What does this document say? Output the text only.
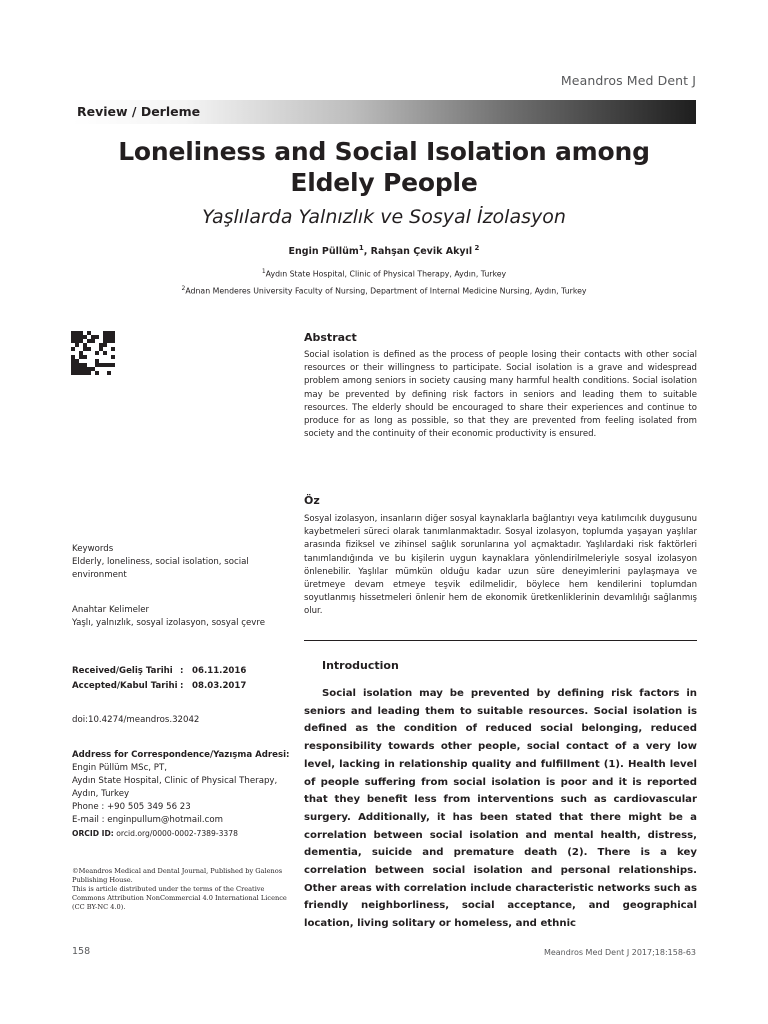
Meandros Med Dent J
Review / Derleme
Loneliness and Social Isolation among
Eldely People
Yaşlılarda Yalnızlık ve Sosyal İzolasyon
Engin Püllüm$^1$, Rahşan Çevik Akyıl $^2$
$^1$Aydın State Hospital, Clinic of Physical Therapy, Aydın, Turkey
$^2$Adnan Menderes University Faculty of Nursing, Department of Internal Medicine Nursing, Aydın, Turkey
Abstract
Social isolation is defined as the process of people losing their contacts with other social resources or their willingness to participate. Social isolation is a grave and widespread problem among seniors in society causing many harmful health conditions. Social isolation may be prevented by defining risk factors in seniors and leading them to suitable resources. The elderly should be encouraged to share their experiences and continue to produce for as long as possible, so that they are prevented from feeling isolated from society and the continuity of their economic productivity is ensured.
Öz
Sosyal izolasyon, insanların diğer sosyal kaynaklarla bağlantıyı veya katılımcılık duygusunu kaybetmeleri süreci olarak tanımlanmaktadır. Sosyal izolasyon, toplumda yaşayan yaşlılar arasında fiziksel ve zihinsel sağlık sorunlarına yol açmaktadır. Yaşlılardaki risk faktörleri tanımlandığında ve bu kişilerin uygun kaynaklara yönlendirilmeleriyle sosyal izolasyon önlenebilir. Yaşlılar mümkün olduğu kadar uzun süre deneyimlerini paylaşmaya ve üretmeye devam etmeye teşvik edilmelidir, böylece hem kendilerini toplumdan soyutlanmış hissetmeleri önlenir hem de ekonomik üretkenliklerinin devamlılığı sağlanmış olur.
Keywords
Elderly, loneliness, social isolation, social environment
Anahtar Kelimeler
Yaşlı, yalnızlık, sosyal izolasyon, sosyal çevre
Received/Geliş Tarihi : 06.11.2016
Accepted/Kabul Tarihi : 08.03.2017
doi:10.4274/meandros.32042
Address for Correspondence/Yazışma Adresi:
Engin Püllüm MSc, PT,
Aydın State Hospital, Clinic of Physical Therapy,
Aydın, Turkey
Phone : +90 505 349 56 23
E-mail : enginpullum@hotmail.com
ORCID ID: orcid.org/0000-0002-7389-3378
©Meandros Medical and Dental Journal, Published by Galenos Publishing House.
This is article distributed under the terms of the Creative Commons Attribution NonCommercial 4.0 International Licence (CC BY-NC 4.0).
Introduction
Social isolation may be prevented by defining risk factors in seniors and leading them to suitable resources. Social isolation is defined as the condition of reduced social belonging, reduced responsibility towards other people, social contact of a very low level, lacking in relationship quality and fulfillment (1). Health level of people suffering from social isolation is poor and it is reported that they benefit less from interventions such as cardiovascular surgery. Additionally, it has been stated that there might be a correlation between social isolation and mental health, distress, dementia, suicide and premature death (2). There is a key correlation between social isolation and personal relationships. Other areas with correlation include characteristic networks such as friendly neighborliness, social acceptance, and geographical location, living solitary or homeless, and ethnic
158	Meandros Med Dent J 2017;18:158-63
